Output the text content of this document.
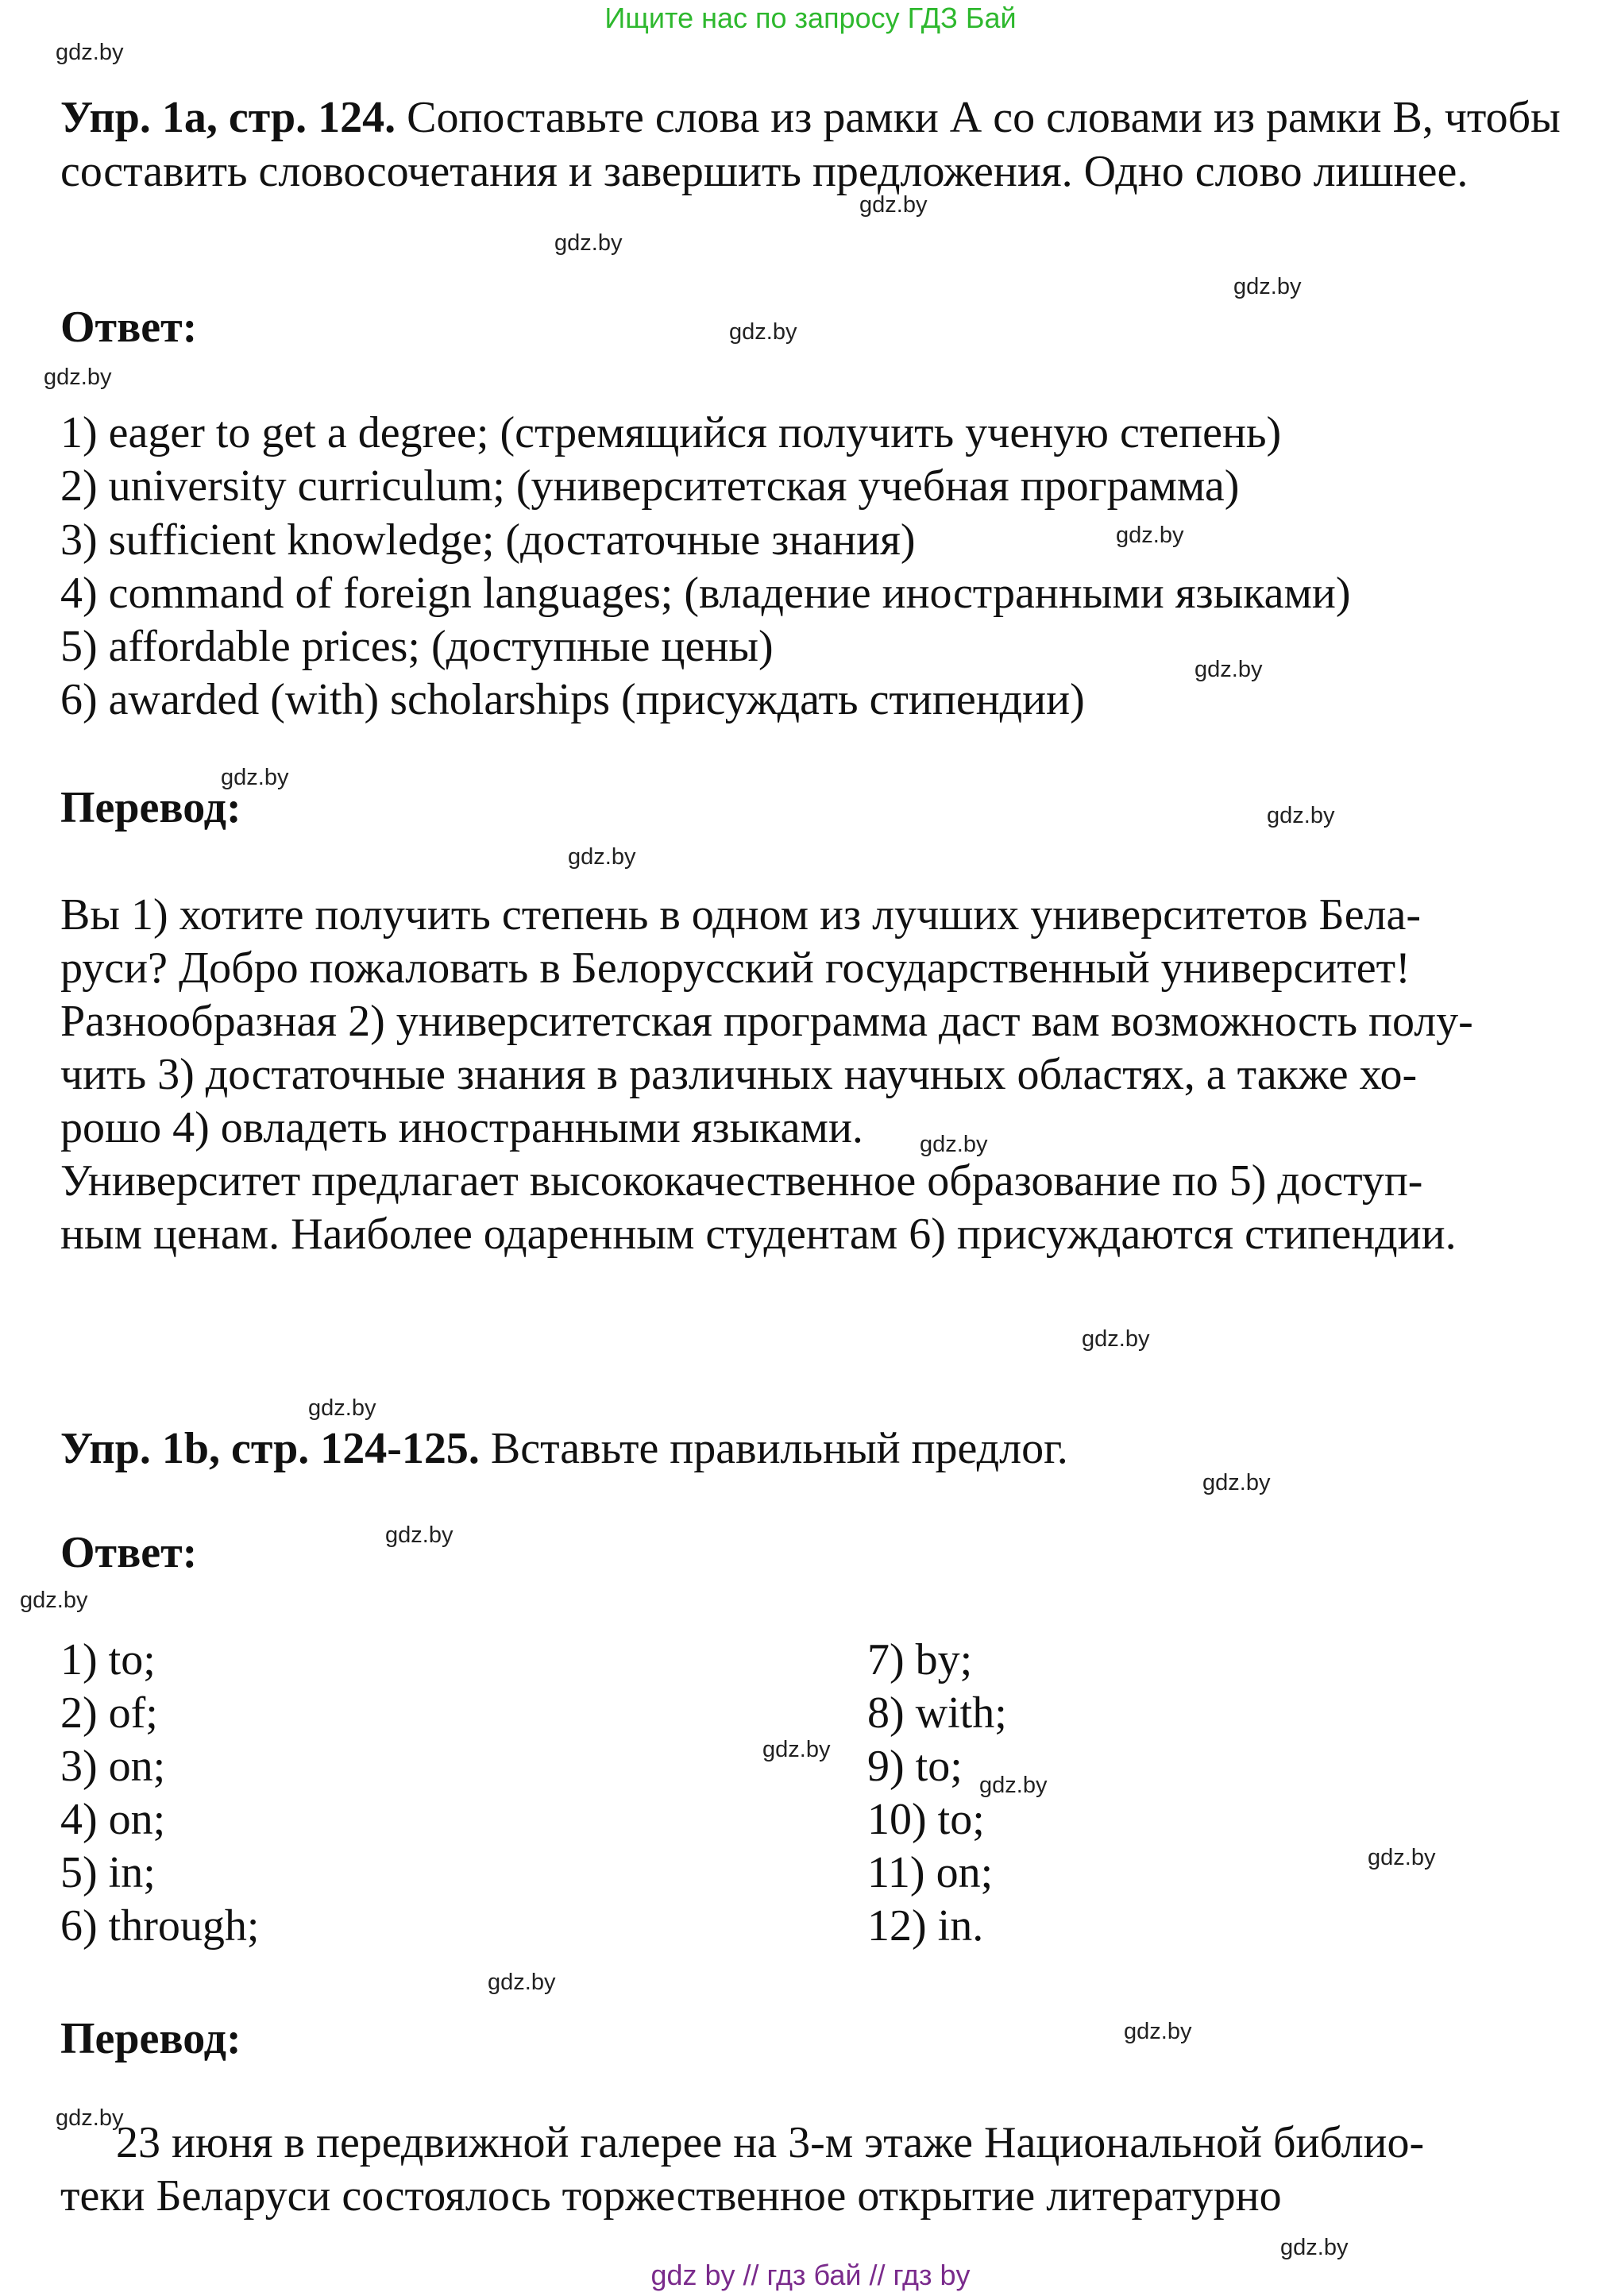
Ищите нас по запросу ГДЗ Бай
gdz.by
gdz.by
gdz.by
gdz.by
gdz.by
gdz.by
gdz.by
gdz.by
gdz.by
gdz.by
gdz.by
gdz.by
gdz.by
gdz.by
gdz.by
gdz.by
gdz.by
gdz.by
gdz.by
gdz.by
gdz.by
gdz.by
gdz.by
gdz.by
Упр. 1a, стр. 124. Сопоставьте слова из рамки А со словами из рамки В, чтобы составить словосочетания и завершить предложения. Одно слово лишнее.
Ответ:
1) eager to get a degree; (стремящийся получить ученую степень)
2) university curriculum; (университетская учебная программа)
3) sufficient knowledge; (достаточные знания)
4) command of foreign languages; (владение иностранными языками)
5) affordable prices; (доступные цены)
6) awarded (with) scholarships (присуждать стипендии)
Перевод:
Вы 1) хотите получить степень в одном из лучших университетов Бела-
руси? Добро пожаловать в Белорусский государственный университет!
Разнообразная 2) университетская программа даст вам возможность полу-
чить 3) достаточные знания в различных научных областях, а также хо-
рошо 4) овладеть иностранными языками.
Университет предлагает высококачественное образование по 5) доступ-
ным ценам. Наиболее одаренным студентам 6) присуждаются стипендии.
Упр. 1b, стр. 124-125. Вставьте правильный предлог.
Ответ:
1) to;
2) of;
3) on;
4) on;
5) in;
6) through;
7) by;
8) with;
9) to;
10) to;
11) on;
12) in.
Перевод:
23 июня в передвижной галерее на 3-м этаже Национальной библио-
теки Беларуси состоялось торжественное открытие литературно
gdz by // гдз бай // гдз by
